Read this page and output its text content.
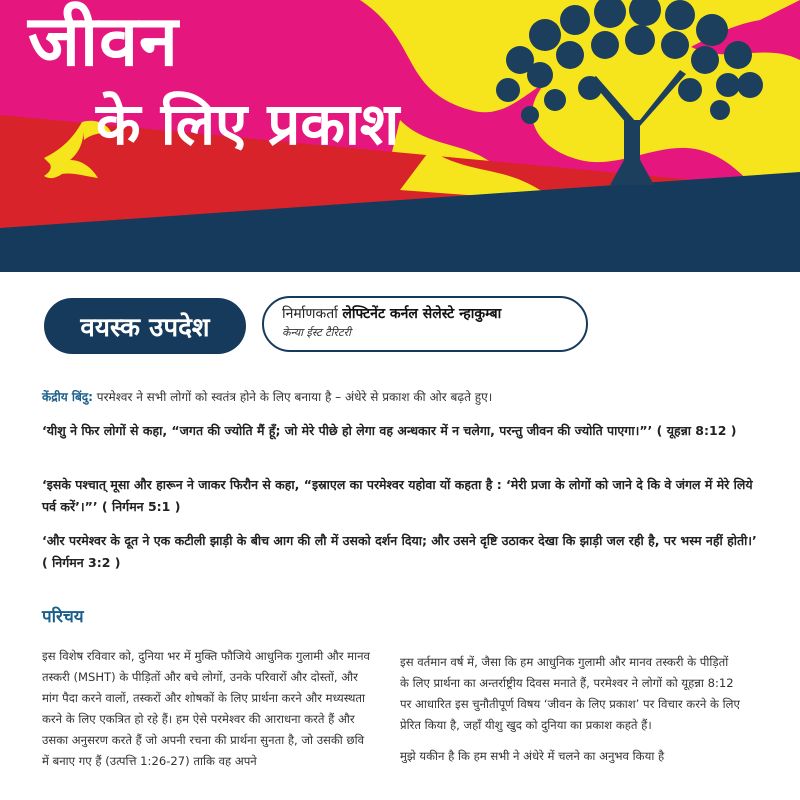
जीवन
के लिए प्रकाश
वयस्क उपदेश	निर्माणकर्ता लेफ्टिनेंट कर्नल सेलेस्टे न्हाकुम्बा
केन्या ईस्ट टैरिटरी
केंद्रीय बिंदु: परमेश्वर ने सभी लोगों को स्वतंत्र होने के लिए बनाया है – अंधेरे से प्रकाश की ओर बढ़ते हुए।
‘यीशु ने फिर लोगों से कहा, “जगत की ज्योति मैं हूँ; जो मेरे पीछे हो लेगा वह अन्धकार में न चलेगा, परन्तु जीवन की ज्योति पाएगा।”’ ( यूहन्ना 8:12 )
‘इसके पश्चात् मूसा और हारून ने जाकर फिरौन से कहा, “इस्राएल का परमेश्वर यहोवा यों कहता है : ‘मेरी प्रजा के लोगों को जाने दे कि वे जंगल में मेरे लिये पर्व करें’।”’ ( निर्गमन 5:1 )
‘और परमेश्वर के दूत ने एक कटीली झाड़ी के बीच आग की लौ में उसको दर्शन दिया; और उसने दृष्टि उठाकर देखा कि झाड़ी जल रही है, पर भस्म नहीं होती।’ ( निर्गमन 3:2 )
परिचय
इस विशेष रविवार को, दुनिया भर में मुक्ति फौजिये आधुनिक गुलामी और मानव तस्करी (MSHT) के पीड़ितों और बचे लोगों, उनके परिवारों और दोस्तों, और मांग पैदा करने वालों, तस्करों और शोषकों के लिए प्रार्थना करने और मध्यस्थता करने के लिए एकत्रित हो रहे हैं। हम ऐसे परमेश्वर की आराधना करते हैं और उसका अनुसरण करते हैं जो अपनी रचना की प्रार्थना सुनता है, जो उसकी छवि में बनाए गए हैं (उत्पत्ति 1:26-27) ताकि वह अपने

इस वर्तमान वर्ष में, जैसा कि हम आधुनिक गुलामी और मानव तस्करी के पीड़ितों के लिए प्रार्थना का अन्तर्राष्ट्रीय दिवस मनाते हैं, परमेश्वर ने लोगों को यूहन्ना 8:12 पर आधारित इस चुनौतीपूर्ण विषय ‘जीवन के लिए प्रकाश’ पर विचार करने के लिए प्रेरित किया है, जहाँ यीशु खुद को दुनिया का प्रकाश कहते हैं।

मुझे यकीन है कि हम सभी ने अंधेरे में चलने का अनुभव किया है
